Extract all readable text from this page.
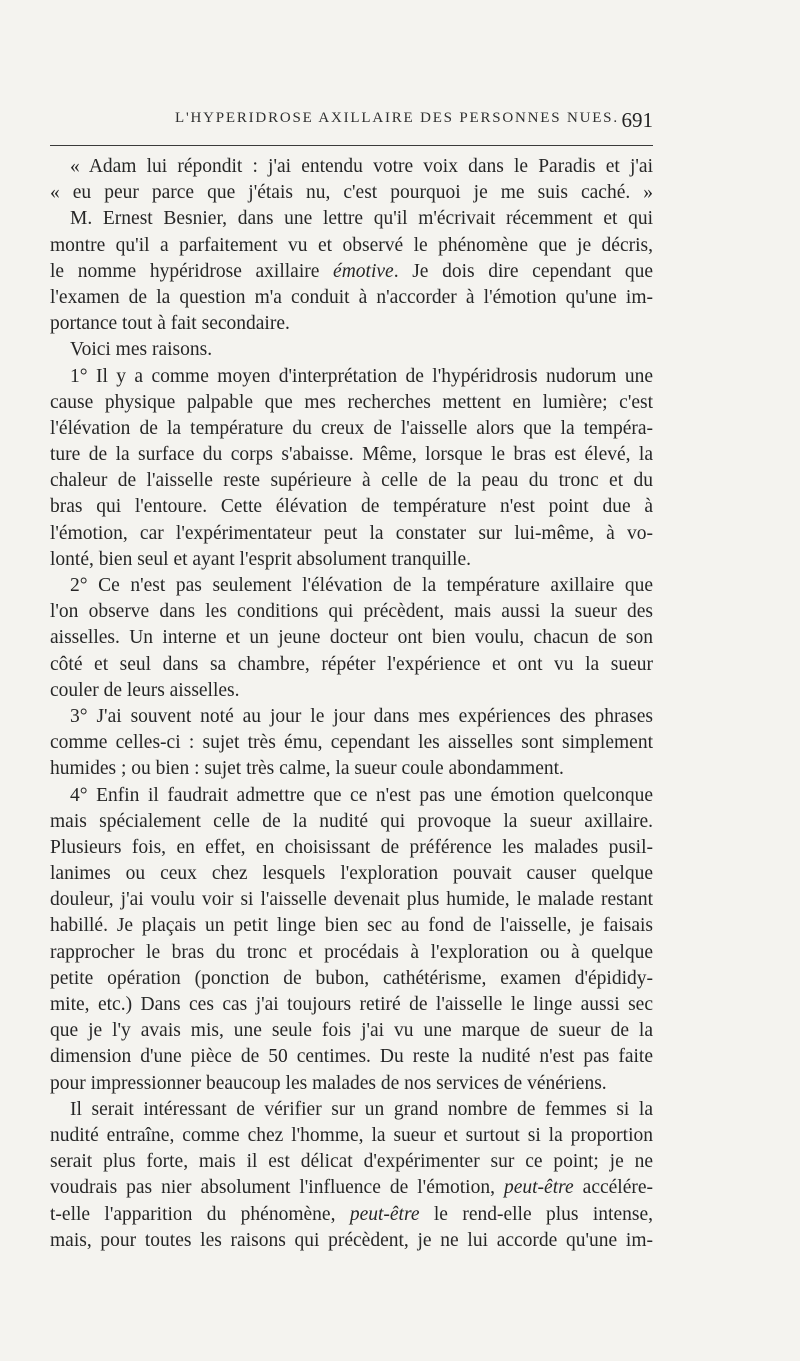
L'HYPERIDROSE AXILLAIRE DES PERSONNES NUES. 691
« Adam lui répondit : j'ai entendu votre voix dans le Paradis et j'ai
« eu peur parce que j'étais nu, c'est pourquoi je me suis caché. »
M. Ernest Besnier, dans une lettre qu'il m'écrivait récemment et qui
montre qu'il a parfaitement vu et observé le phénomène que je décris,
le nomme hypéridrose axillaire émotive. Je dois dire cependant que
l'examen de la question m'a conduit à n'accorder à l'émotion qu'une im-
portance tout à fait secondaire.
Voici mes raisons.
1° Il y a comme moyen d'interprétation de l'hypéridrosis nudorum une
cause physique palpable que mes recherches mettent en lumière; c'est
l'élévation de la température du creux de l'aisselle alors que la tempéra-
ture de la surface du corps s'abaisse. Même, lorsque le bras est élevé, la
chaleur de l'aisselle reste supérieure à celle de la peau du tronc et du
bras qui l'entoure. Cette élévation de température n'est point due à
l'émotion, car l'expérimentateur peut la constater sur lui-même, à vo-
lonté, bien seul et ayant l'esprit absolument tranquille.
2° Ce n'est pas seulement l'élévation de la température axillaire que
l'on observe dans les conditions qui précèdent, mais aussi la sueur des
aisselles. Un interne et un jeune docteur ont bien voulu, chacun de son
côté et seul dans sa chambre, répéter l'expérience et ont vu la sueur
couler de leurs aisselles.
3° J'ai souvent noté au jour le jour dans mes expériences des phrases
comme celles-ci : sujet très ému, cependant les aisselles sont simplement
humides ; ou bien : sujet très calme, la sueur coule abondamment.
4° Enfin il faudrait admettre que ce n'est pas une émotion quelconque
mais spécialement celle de la nudité qui provoque la sueur axillaire.
Plusieurs fois, en effet, en choisissant de préférence les malades pusil-
lanimes ou ceux chez lesquels l'exploration pouvait causer quelque
douleur, j'ai voulu voir si l'aisselle devenait plus humide, le malade restant
habillé. Je plaçais un petit linge bien sec au fond de l'aisselle, je faisais
rapprocher le bras du tronc et procédais à l'exploration ou à quelque
petite opération (ponction de bubon, cathétérisme, examen d'épididy-
mite, etc.) Dans ces cas j'ai toujours retiré de l'aisselle le linge aussi sec
que je l'y avais mis, une seule fois j'ai vu une marque de sueur de la
dimension d'une pièce de 50 centimes. Du reste la nudité n'est pas faite
pour impressionner beaucoup les malades de nos services de vénériens.
Il serait intéressant de vérifier sur un grand nombre de femmes si la
nudité entraîne, comme chez l'homme, la sueur et surtout si la proportion
serait plus forte, mais il est délicat d'expérimenter sur ce point; je ne
voudrais pas nier absolument l'influence de l'émotion, peut-être accélére-
t-elle l'apparition du phénomène, peut-être le rend-elle plus intense,
mais, pour toutes les raisons qui précèdent, je ne lui accorde qu'une im-
